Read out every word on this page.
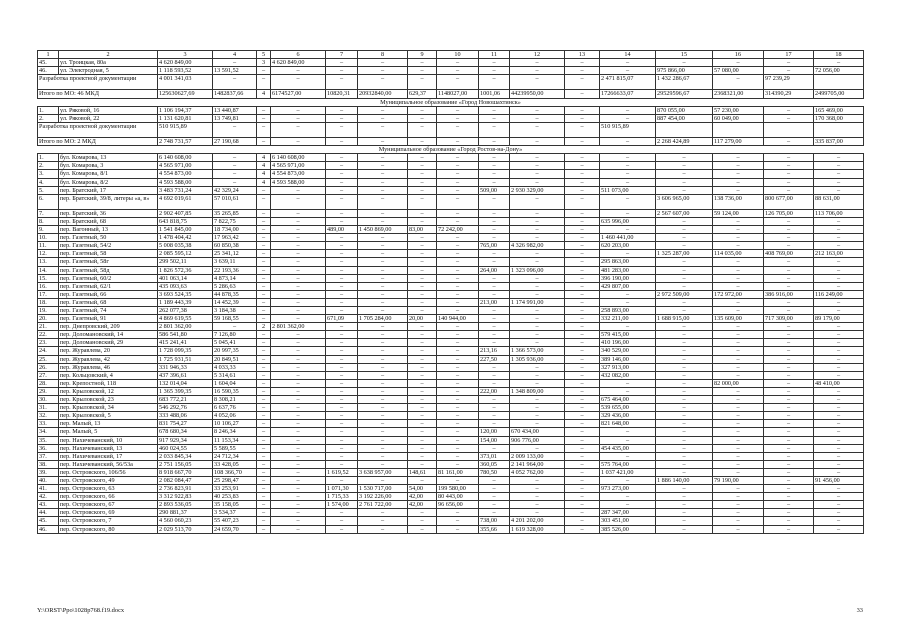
1	2	3	4	5	6	7	8	9	10	11	12	13	14	15	16	17	18
45.	ул. Троицкая, 80а	4 620 849,00	–	3	4 620 849,00	–	–	–	–	–	–	–	–	–	–	–	–
46.	ул. Электродная, 5	1 118 593,52	13 591,52	–	–	–	–	–	–	–	–	–	–	975 866,00	57 080,00	–	72 056,00
Разработка проектной документации		4 001 341,03	–	–	–	–	–	–	–	–	–	–	2 471 815,07	1 432 286,67	–	97 239,29	
Итого по МО: 46 МКД		125630627,69	1482837,66	4	6174527,00	10820,31	20932840,00	629,37	1148027,00	1001,06	44239950,00	–	17266633,07	29529596,67	2368321,00	314390,29	2499705,00
Муниципальное образование «Город Новошахтинск»																	
1.	ул. Ряковой, 16	1 106 194,37	13 440,87	–	–	–	–	–	–	–	–	–	–	870 055,00	57 230,00	–	165 469,00
2.	ул. Ряковой, 22	1 131 620,81	13 749,81	–	–	–	–	–	–	–	–	–	–	887 454,00	60 049,00	–	170 368,00
Разработка проектной документации		510 915,89	–	–	–	–	–	–	–	–	–	–	510 915,89				
Итого по МО: 2 МКД		2 748 731,57	27 190,68	–	–	–	–	–	–	–	–	–	–	2 268 424,89	117 279,00	–	335 837,00
Муниципальное образование «Город Ростов-на-Дону»																	
1.	бул. Комарова, 13	6 140 608,00	–	4	6 140 608,00	–	–	–	–	–	–	–	–	–	–	–	–
2.	бул. Комарова, 3	4 565 971,00	–	4	4 565 971,00	–	–	–	–	–	–	–	–	–	–	–	–
3.	бул. Комарова, 8/1	4 554 873,00	–	4	4 554 873,00	–	–	–	–	–	–	–	–	–	–	–	–
4.	бул. Комарова, 8/2	4 593 588,00	–	4	4 593 588,00	–	–	–	–	–	–	–	–	–	–	–	–
5.	пер. Братский, 17	3 483 731,24	42 329,24	–	–	–	–	–	–	509,00	2 930 329,00	–	511 073,00	–	–	–	–
6.	пер. Братский, 39/8, литеры «а, в»	4 692 019,61	57 010,61	–	–	–	–	–	–	–	–	–	–	3 606 965,00	138 736,00	800 677,00	88 631,00
7.	пер. Братский, 36	2 902 407,85	35 265,85	–	–	–	–	–	–	–	–	–	–	2 567 607,00	59 124,00	126 705,00	113 706,00
8.	пер. Братский, 68	643 818,75	7 822,75	–	–	–	–	–	–	–	–	–	635 996,00	–	–	–	–
9.	пер. Вагонный, 13	1 541 845,00	18 734,00	–	–	489,00	1 450 869,00	83,00	72 242,00	–	–	–	–	–	–	–	–
10.	пер. Газетный, 50	1 478 404,42	17 963,42	–	–	–	–	–	–	–	–	–	1 460 441,00	–	–	–	–
11.	пер. Газетный, 54/2	5 008 035,38	60 850,38	–	–	–	–	–	–	765,00	4 326 982,00	–	620 203,00	–	–	–	–
12.	пер. Газетный, 58	2 085 595,12	25 341,12	–	–	–	–	–	–	–	–	–	–	1 325 287,00	114 035,00	408 769,00	212 163,00
13.	пер. Газетный, 58г	299 502,11	3 639,11	–	–	–	–	–	–	–	–	–	295 863,00	–	–	–	–
14.	пер. Газетный, 58д	1 826 572,36	22 193,36	–	–	–	–	–	–	264,00	1 323 096,00	–	481 283,00	–	–	–	–
15.	пер. Газетный, 60/2	401 063,14	4 873,14	–	–	–	–	–	–	–	–	–	396 190,00	–	–	–	–
16.	пер. Газетный, 62/1	435 093,63	5 286,63	–	–	–	–	–	–	–	–	–	429 807,00	–	–	–	–
17.	пер. Газетный, 66	3 693 524,35	44 878,35	–	–	–	–	–	–	–	–	–	–	2 972 509,00	172 972,00	386 916,00	116 249,00
18.	пер. Газетный, 68	1 189 443,39	14 452,39	–	–	–	–	–	–	213,00	1 174 991,00	–	–	–	–	–	–
19.	пер. Газетный, 74	262 077,38	3 184,38	–	–	–	–	–	–	–	–	–	258 893,00	–	–	–	–
20.	пер. Газетный, 91	4 869 619,55	59 168,55	–	–	671,09	1 705 284,00	20,00	140 944,00	–	–	–	332 211,00	1 688 915,00	135 609,00	717 309,00	89 179,00
21.	пер. Днепровский, 209	2 801 362,00	–	2	2 801 362,00	–	–	–	–	–	–	–	–	–	–	–	–
22.	пер. Доломановский, 14	586 541,80	7 126,80	–	–	–	–	–	–	–	–	–	579 415,00	–	–	–	–
23.	пер. Доломановский, 29	415 241,41	5 045,41	–	–	–	–	–	–	–	–	–	410 196,00	–	–	–	–
24.	пер. Журавлева, 20	1 728 099,35	20 997,35	–	–	–	–	–	–	213,16	1 366 573,00	–	340 529,00	–	–	–	–
25.	пер. Журавлева, 42	1 725 931,51	20 849,51	–	–	–	–	–	–	227,50	1 305 936,00	–	389 146,00	–	–	–	–
26.	пер. Журавлева, 46	331 946,33	4 033,33	–	–	–	–	–	–	–	–	–	327 913,00	–	–	–	–
27.	пер. Кольцовский, 4	437 396,61	5 314,61	–	–	–	–	–	–	–	–	–	432 082,00	–	–	–	–
28.	пер. Крепостной, 118	132 014,04	1 604,04	–	–	–	–	–	–	–	–	–	–	–	82 000,00	–	48 410,00
29.	пер. Крыловской, 12	1 365 399,35	16 590,35	–	–	–	–	–	–	222,00	1 348 809,00	–	–	–	–	–	–
30.	пер. Крыловской, 23	683 772,21	8 308,21	–	–	–	–	–	–	–	–	–	675 464,00	–	–	–	–
31.	пер. Крыловской, 34	546 292,76	6 637,76	–	–	–	–	–	–	–	–	–	539 655,00	–	–	–	–
32.	пер. Крыловской, 5	333 488,06	4 052,06	–	–	–	–	–	–	–	–	–	329 436,00	–	–	–	–
33.	пер. Малый, 13	831 754,27	10 106,27	–	–	–	–	–	–	–	–	–	821 648,00	–	–	–	–
34.	пер. Малый, 5	678 680,34	8 246,34	–	–	–	–	–	–	120,00	670 434,00	–	–	–	–	–	–
35.	пер. Нахичеванский, 10	917 929,34	11 153,34	–	–	–	–	–	–	154,00	906 776,00	–	–	–	–	–	–
36.	пер. Нахичеванский, 13	460 024,55	5 589,55	–	–	–	–	–	–	–	–	–	454 435,00	–	–	–	–
37.	пер. Нахичеванский, 17	2 033 845,34	24 712,34	–	–	–	–	–	–	373,01	2 009 133,00	–	–	–	–	–	–
38.	пер. Нахичеванский, 56/53а	2 751 156,05	33 428,05	–	–	–	–	–	–	360,05	2 141 964,00	–	575 764,00	–	–	–	–
39.	пер. Островского, 106/56	8 918 667,70	108 366,70	–	–	1 619,52	3 638 957,00	148,61	81 161,00	780,50	4 052 762,00	–	1 037 421,00	–	–	–	–
40.	пер. Островского, 49	2 082 084,47	25 298,47	–	–	–	–	–	–	–	–	–	–	1 886 140,00	79 190,00	–	91 456,00
41.	пер. Островского, 63	2 736 823,91	33 253,91	–	–	1 071,30	1 530 717,00	54,00	199 580,00	–	–	–	973 273,00	–	–	–	–
42.	пер. Островского, 66	3 312 922,83	40 253,83	–	–	1 715,33	3 192 226,00	42,00	80 443,00	–	–	–	–	–	–	–	–
43.	пер. Островского, 67	2 893 536,05	35 158,05	–	–	1 574,00	2 761 722,00	42,00	96 656,00	–	–	–	–	–	–	–	–
44.	пер. Островского, 69	290 881,37	3 534,37	–	–	–	–	–	–	–	–	–	287 347,00	–	–	–	–
45.	пер. Островского, 7	4 560 060,23	55 407,23	–	–	–	–	–	–	738,00	4 201 202,00	–	303 451,00	–	–	–	–
46.	пер. Островского, 80	2 029 513,70	24 659,70	–	–	–	–	–	–	355,66	1 619 328,00	–	385 526,00	–	–	–	–
Y:\ORST\Ppo\1028p768.f19.docx	33
